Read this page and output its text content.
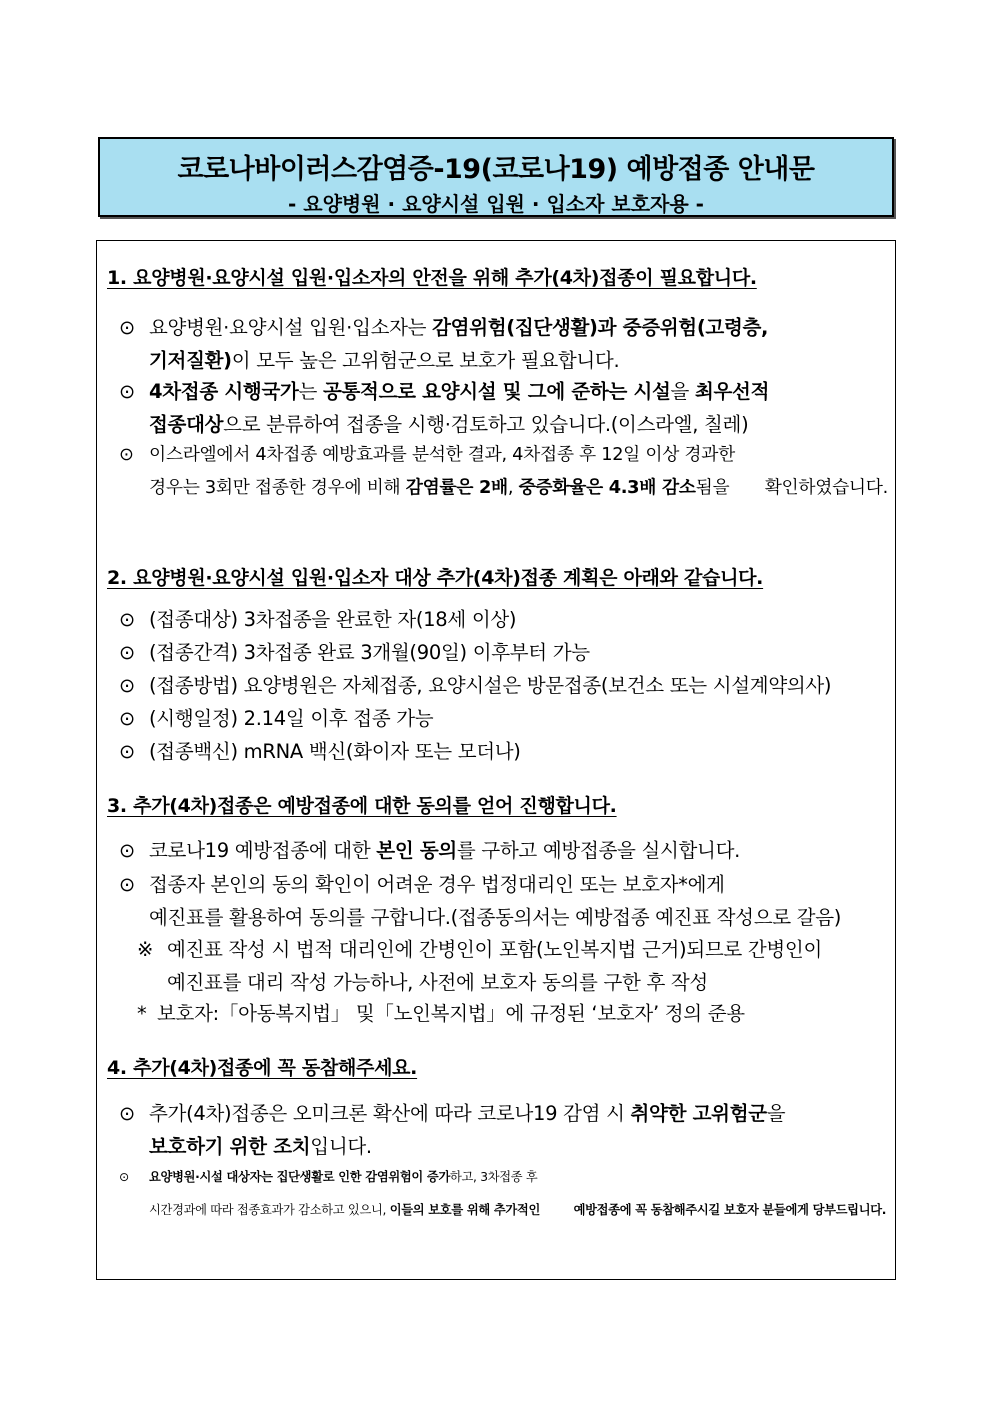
코로나바이러스감염증-19(코로나19) 예방접종 안내문
- 요양병원 · 요양시설 입원 · 입소자 보호자용 -
1. 요양병원·요양시설 입원·입소자의 안전을 위해 추가(4차)접종이 필요합니다.
⊙ 요양병원·요양시설 입원·입소자는 감염위험(집단생활)과 중증위험(고령층,
기저질환)이 모두 높은 고위험군으로 보호가 필요합니다.
⊙ 4차접종 시행국가는 공통적으로 요양시설 및 그에 준하는 시설을 최우선적
접종대상으로 분류하여 접종을 시행·검토하고 있습니다.(이스라엘, 칠레)
⊙ 이스라엘에서 4차접종 예방효과를 분석한 결과, 4차접종 후 12일 이상 경과한
경우는 3회만 접종한 경우에 비해 감염률은 2배, 중증화율은 4.3배 감소됨을 확인하였습니다.
2. 요양병원·요양시설 입원·입소자 대상 추가(4차)접종 계획은 아래와 같습니다.
⊙ (접종대상) 3차접종을 완료한 자(18세 이상)
⊙ (접종간격) 3차접종 완료 3개월(90일) 이후부터 가능
⊙ (접종방법) 요양병원은 자체접종, 요양시설은 방문접종(보건소 또는 시설계약의사)
⊙ (시행일정) 2.14일 이후 접종 가능
⊙ (접종백신) mRNA 백신(화이자 또는 모더나)
3. 추가(4차)접종은 예방접종에 대한 동의를 얻어 진행합니다.
⊙ 코로나19 예방접종에 대한 본인 동의를 구하고 예방접종을 실시합니다.
⊙ 접종자 본인의 동의 확인이 어려운 경우 법정대리인 또는 보호자*에게
예진표를 활용하여 동의를 구합니다.(접종동의서는 예방접종 예진표 작성으로 갈음)
※ 예진표 작성 시 법적 대리인에 간병인이 포함(노인복지법 근거)되므로 간병인이
예진표를 대리 작성 가능하나, 사전에 보호자 동의를 구한 후 작성
* 보호자:「아동복지법」 및「노인복지법」에 규정된 ‘보호자’ 정의 준용
4. 추가(4차)접종에 꼭 동참해주세요.
⊙ 추가(4차)접종은 오미크론 확산에 따라 코로나19 감염 시 취약한 고위험군을
보호하기 위한 조치입니다.
⊙ 요양병원·시설 대상자는 집단생활로 인한 감염위험이 증가하고, 3차접종 후
시간경과에 따라 접종효과가 감소하고 있으니, 이들의 보호를 위해 추가적인	예방접종에 꼭 동참해주시길 보호자 분들에게 당부드립니다.
